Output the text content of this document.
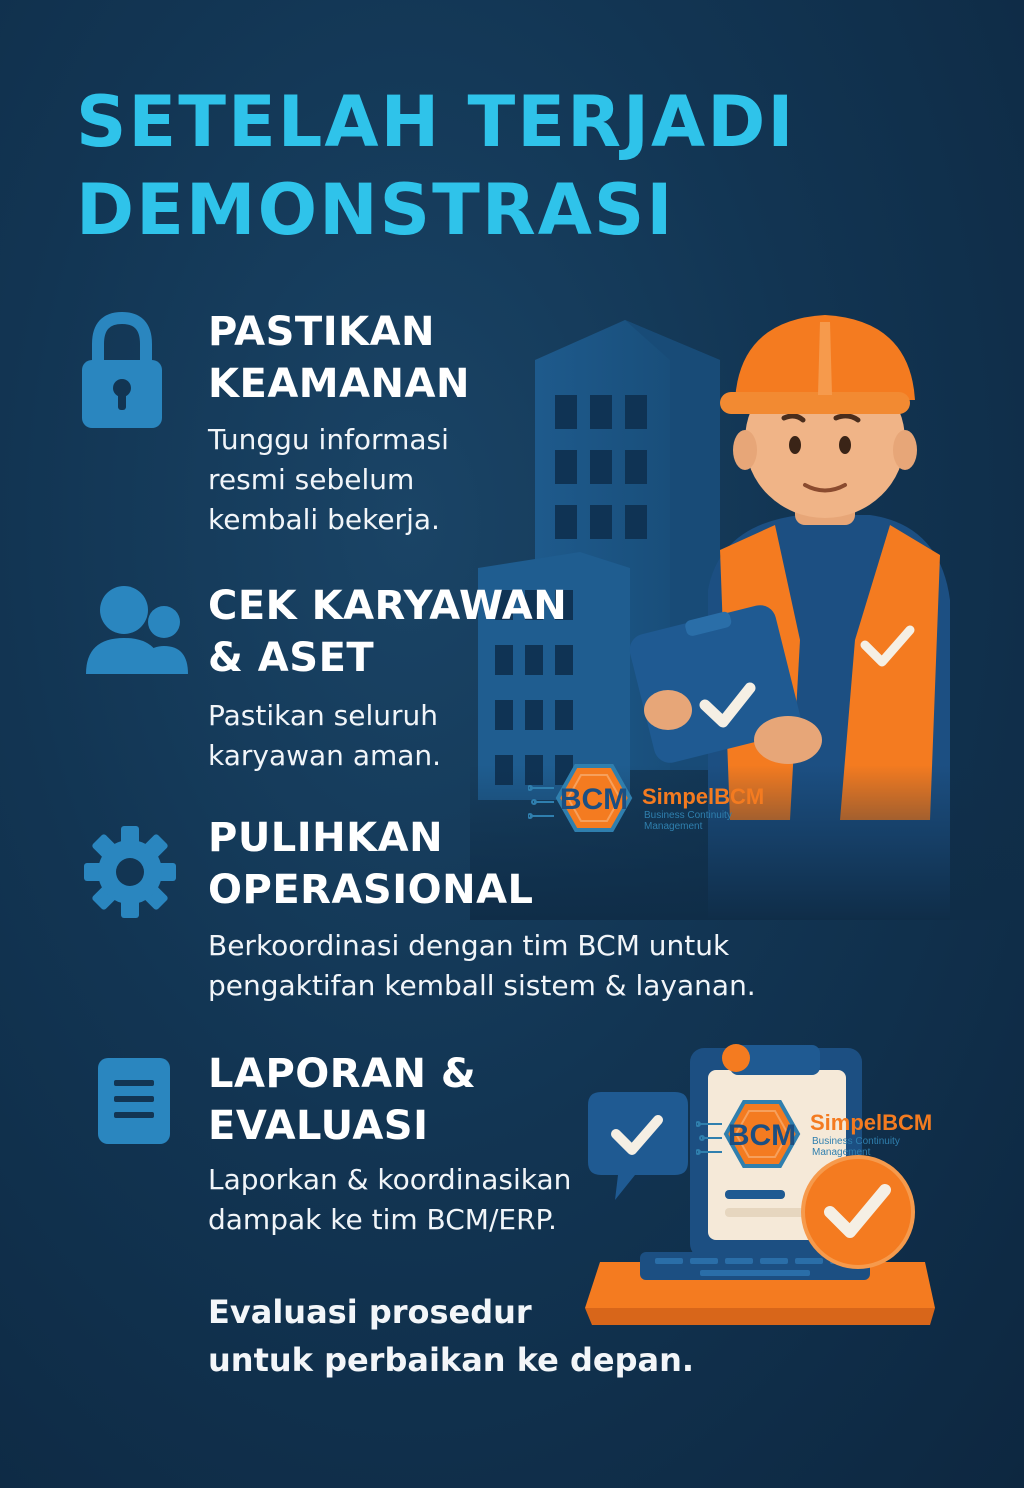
SETELAH TERJADI
DEMONSTRASI
BCM SimpelBCM
Business Continuity
Management
BCM SimpelBCM
Business Continuity
Management
PASTIKAN
KEAMANAN

Tunggu informasi
resmi sebelum
kembali bekerja.

CEK KARYAWAN
& ASET

Pastikan seluruh
karyawan aman.

PULIHKAN
OPERASIONAL

Berkoordinasi dengan tim BCM untuk
pengaktifan kemball sistem & layanan.

LAPORAN &
EVALUASI

Laporkan & koordinasikan
dampak ke tim BCM/ERP.

Evaluasi prosedur
untuk perbaikan ke depan.
